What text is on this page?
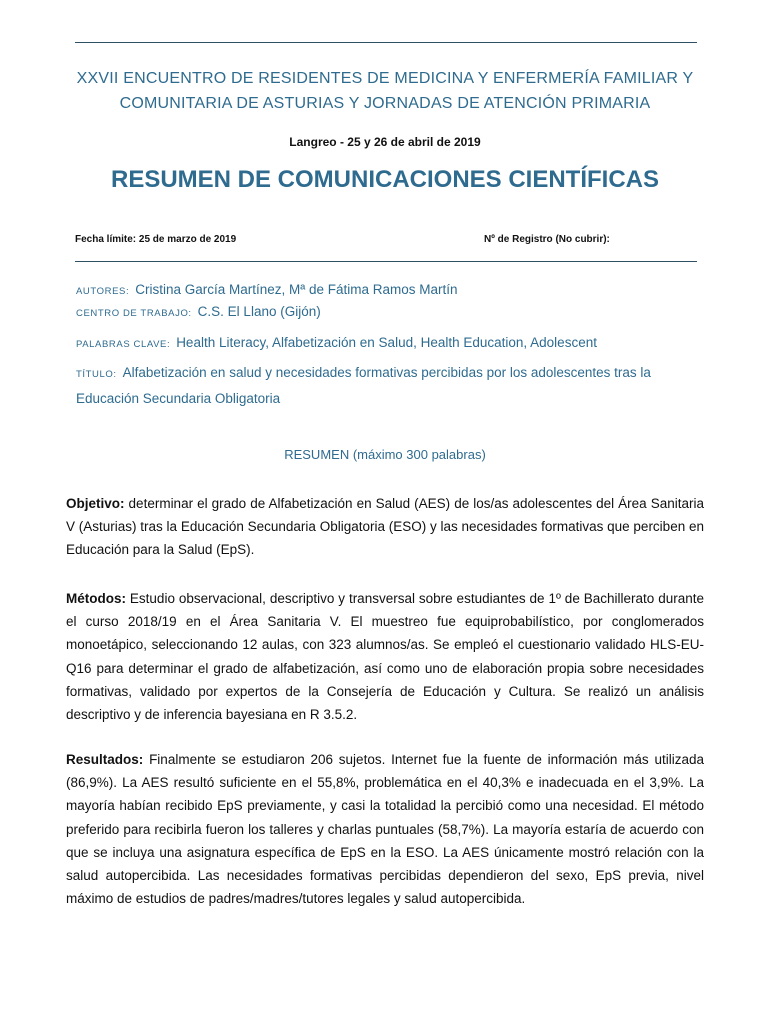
XXVII ENCUENTRO DE RESIDENTES DE MEDICINA Y ENFERMERÍA FAMILIAR Y
COMUNITARIA DE ASTURIAS Y JORNADAS DE ATENCIÓN PRIMARIA
Langreo - 25 y 26 de abril de 2019
RESUMEN DE COMUNICACIONES CIENTÍFICAS
Fecha límite: 25 de marzo de 2019	Nº de Registro (No cubrir):
AUTORES: Cristina García Martínez, Mª de Fátima Ramos Martín
CENTRO DE TRABAJO: C.S. El Llano (Gijón)
PALABRAS CLAVE: Health Literacy, Alfabetización en Salud, Health Education, Adolescent
TÍTULO: Alfabetización en salud y necesidades formativas percibidas por los adolescentes tras la Educación Secundaria Obligatoria
RESUMEN (máximo 300 palabras)
Objetivo: determinar el grado de Alfabetización en Salud (AES) de los/as adolescentes del Área Sanitaria V (Asturias) tras la Educación Secundaria Obligatoria (ESO) y las necesidades formativas que perciben en Educación para la Salud (EpS).
Métodos: Estudio observacional, descriptivo y transversal sobre estudiantes de 1º de Bachillerato durante el curso 2018/19 en el Área Sanitaria V. El muestreo fue equiprobabilístico, por conglomerados monoetápico, seleccionando 12 aulas, con 323 alumnos/as. Se empleó el cuestionario validado HLS-EU-Q16 para determinar el grado de alfabetización, así como uno de elaboración propia sobre necesidades formativas, validado por expertos de la Consejería de Educación y Cultura. Se realizó un análisis descriptivo y de inferencia bayesiana en R 3.5.2.
Resultados: Finalmente se estudiaron 206 sujetos. Internet fue la fuente de información más utilizada (86,9%). La AES resultó suficiente en el 55,8%, problemática en el 40,3% e inadecuada en el 3,9%. La mayoría habían recibido EpS previamente, y casi la totalidad la percibió como una necesidad. El método preferido para recibirla fueron los talleres y charlas puntuales (58,7%). La mayoría estaría de acuerdo con que se incluya una asignatura específica de EpS en la ESO. La AES únicamente mostró relación con la salud autopercibida. Las necesidades formativas percibidas dependieron del sexo, EpS previa, nivel máximo de estudios de padres/madres/tutores legales y salud autopercibida.
